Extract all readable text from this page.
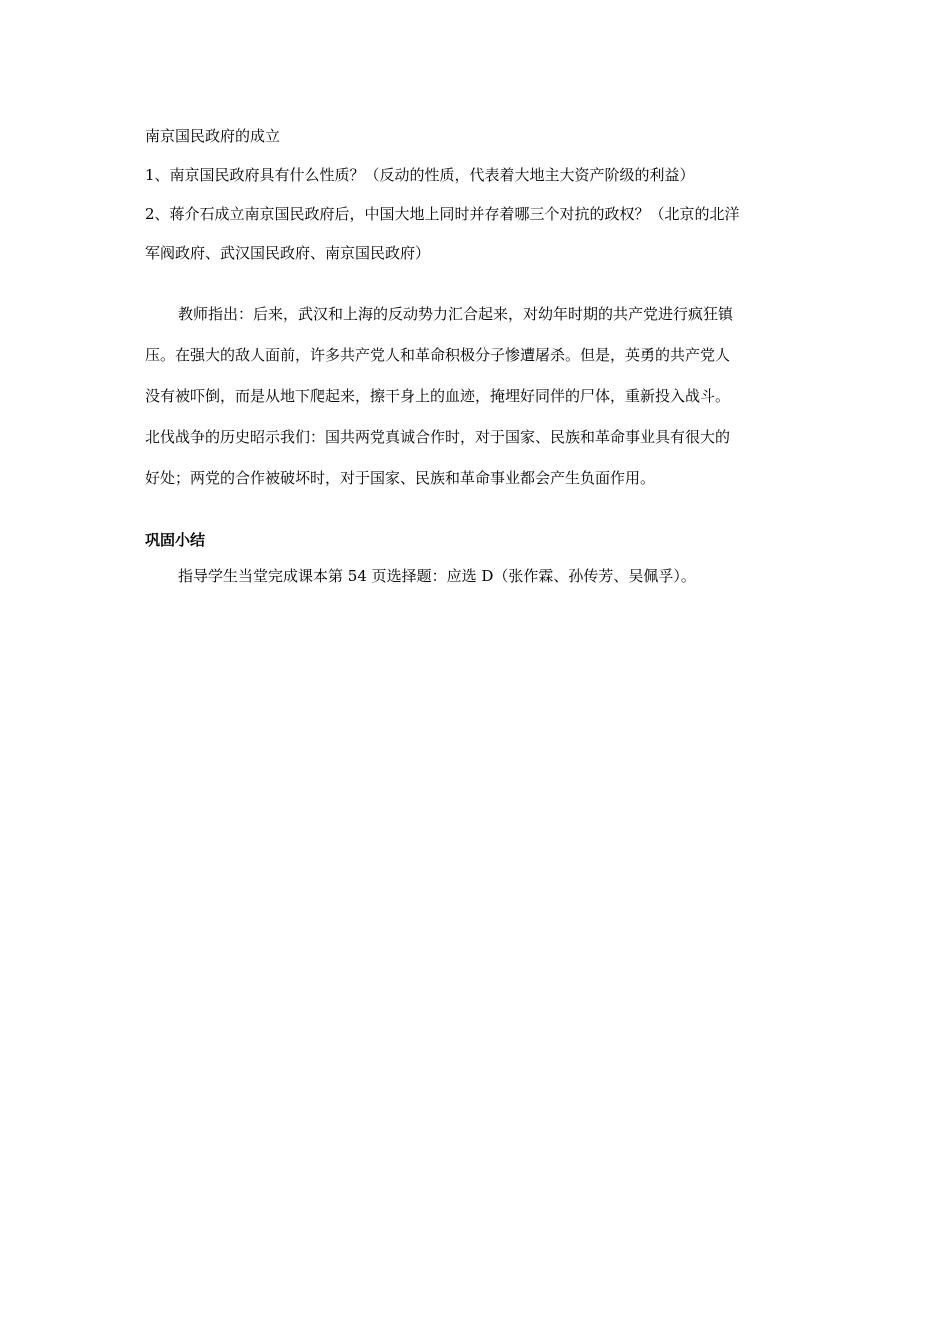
南京国民政府的成立
1、南京国民政府具有什么性质？（反动的性质，代表着大地主大资产阶级的利益）
2、蒋介石成立南京国民政府后，中国大地上同时并存着哪三个对抗的政权？（北京的北洋
军阀政府、武汉国民政府、南京国民政府）
教师指出：后来，武汉和上海的反动势力汇合起来，对幼年时期的共产党进行疯狂镇
压。在强大的敌人面前，许多共产党人和革命积极分子惨遭屠杀。但是，英勇的共产党人
没有被吓倒，而是从地下爬起来，擦干身上的血迹，掩埋好同伴的尸体，重新投入战斗。
北伐战争的历史昭示我们：国共两党真诚合作时，对于国家、民族和革命事业具有很大的
好处；两党的合作被破坏时，对于国家、民族和革命事业都会产生负面作用。
巩固小结
指导学生当堂完成课本第 54 页选择题：应选 D（张作霖、孙传芳、吴佩孚）。
